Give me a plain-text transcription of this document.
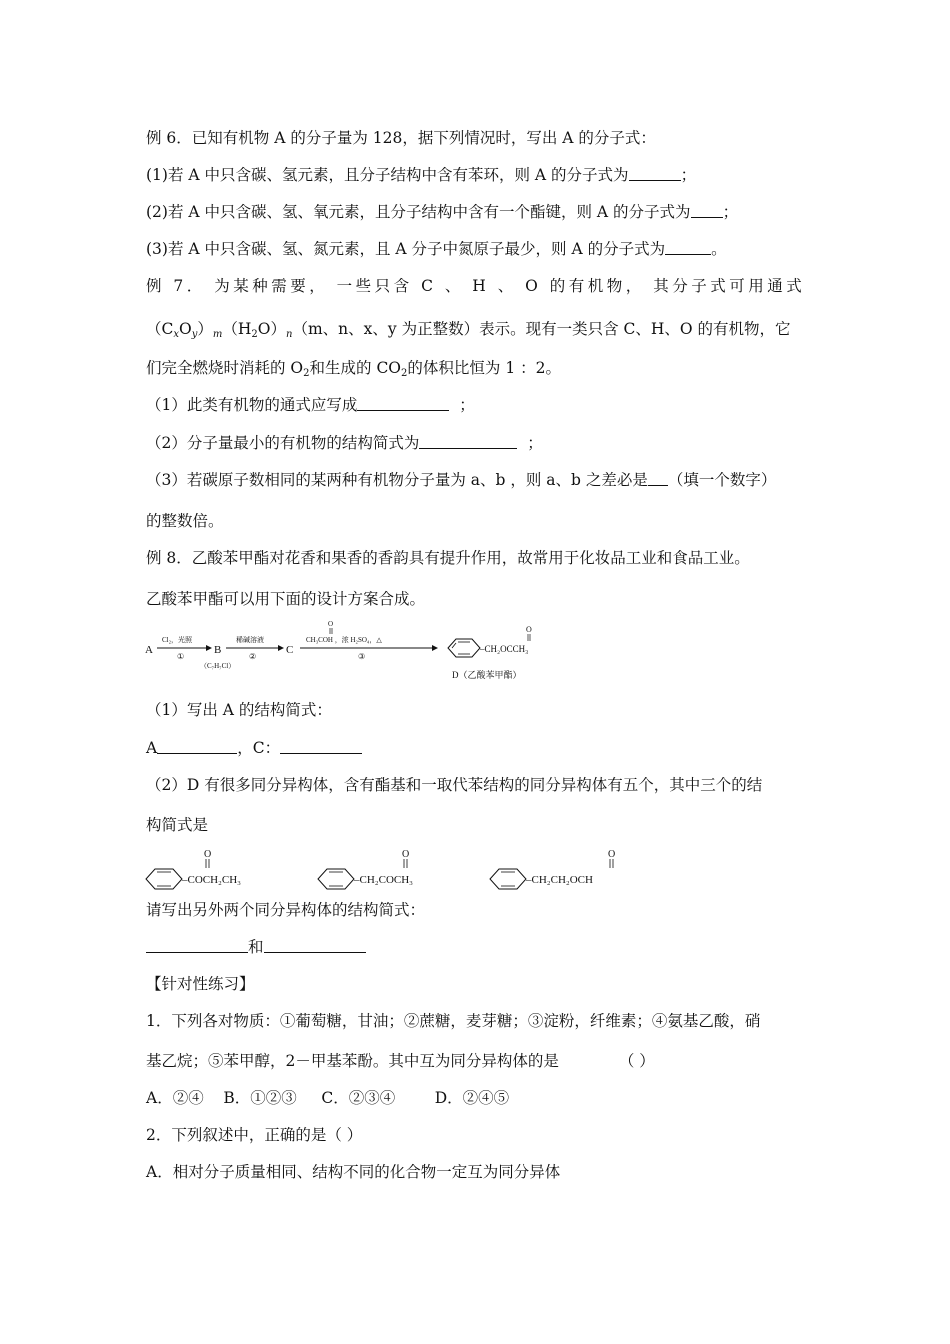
例 6．已知有机物 A 的分子量为 128，据下列情况时，写出 A 的分子式：
(1)若 A 中只含碳、氢元素，且分子结构中含有苯环，则 A 的分子式为	；
(2)若 A 中只含碳、氢、氧元素，且分子结构中含有一个酯键，则 A 的分子式为 ；
(3)若 A 中只含碳、氢、氮元素，且 A 分子中氮原子最少，则 A 的分子式为	。
例 7． 为某种需要， 一些只含 C 、 H 、 O 的有机物， 其分子式可用通式
$(C_xO_y)_m(H_2O)_n(m$、n、x、y 为正整数）表示。现有一类只含 C、H、O 的有机物，它
们完全燃烧时消耗的 $O_2$和生成的 $CO_2$的体积比恒为 1 ：2。
（1）此类有机物的通式应写成	；
（2）分子量最小的有机物的结构简式为	；
（3）若碳原子数相同的某两种有机物分子量为 a、b ，则 a、b 之差必是 （填一个数字）
的整数倍。
例 8．乙酸苯甲酯对花香和果香的香韵具有提升作用，故常用于化妆品工业和食品工业。
乙酸苯甲酯可以用下面的设计方案合成。
A
Cl₂，光照
①
B
（C₇H₇Cl）
稀碱溶液
②
C
O
CH₃COH ，浓 H₂SO₄，△
③
O
–CH₂OCCH₃
D（乙酸苯甲酯）
（1）写出 A 的结构简式：
A	，C：
（2）D 有很多同分异构体，含有酯基和一取代苯结构的同分异构体有五个，其中三个的结
构简式是
O
–COCH₂CH₃
O
–CH₂COCH₃
O
–CH₂CH₂OCH
请写出另外两个同分异构体的结构简式：
和
【针对性练习】
1．下列各对物质：①葡萄糖，甘油；②蔗糖，麦芽糖；③淀粉，纤维素；④氨基乙酸，硝
基乙烷；⑤苯甲醇，2－甲基苯酚。其中互为同分异构体的是	（ ）
A．②④    B．①②③     C．②③④        D．②④⑤
2．下列叙述中，正确的是（ ）
A．相对分子质量相同、结构不同的化合物一定互为同分异体
